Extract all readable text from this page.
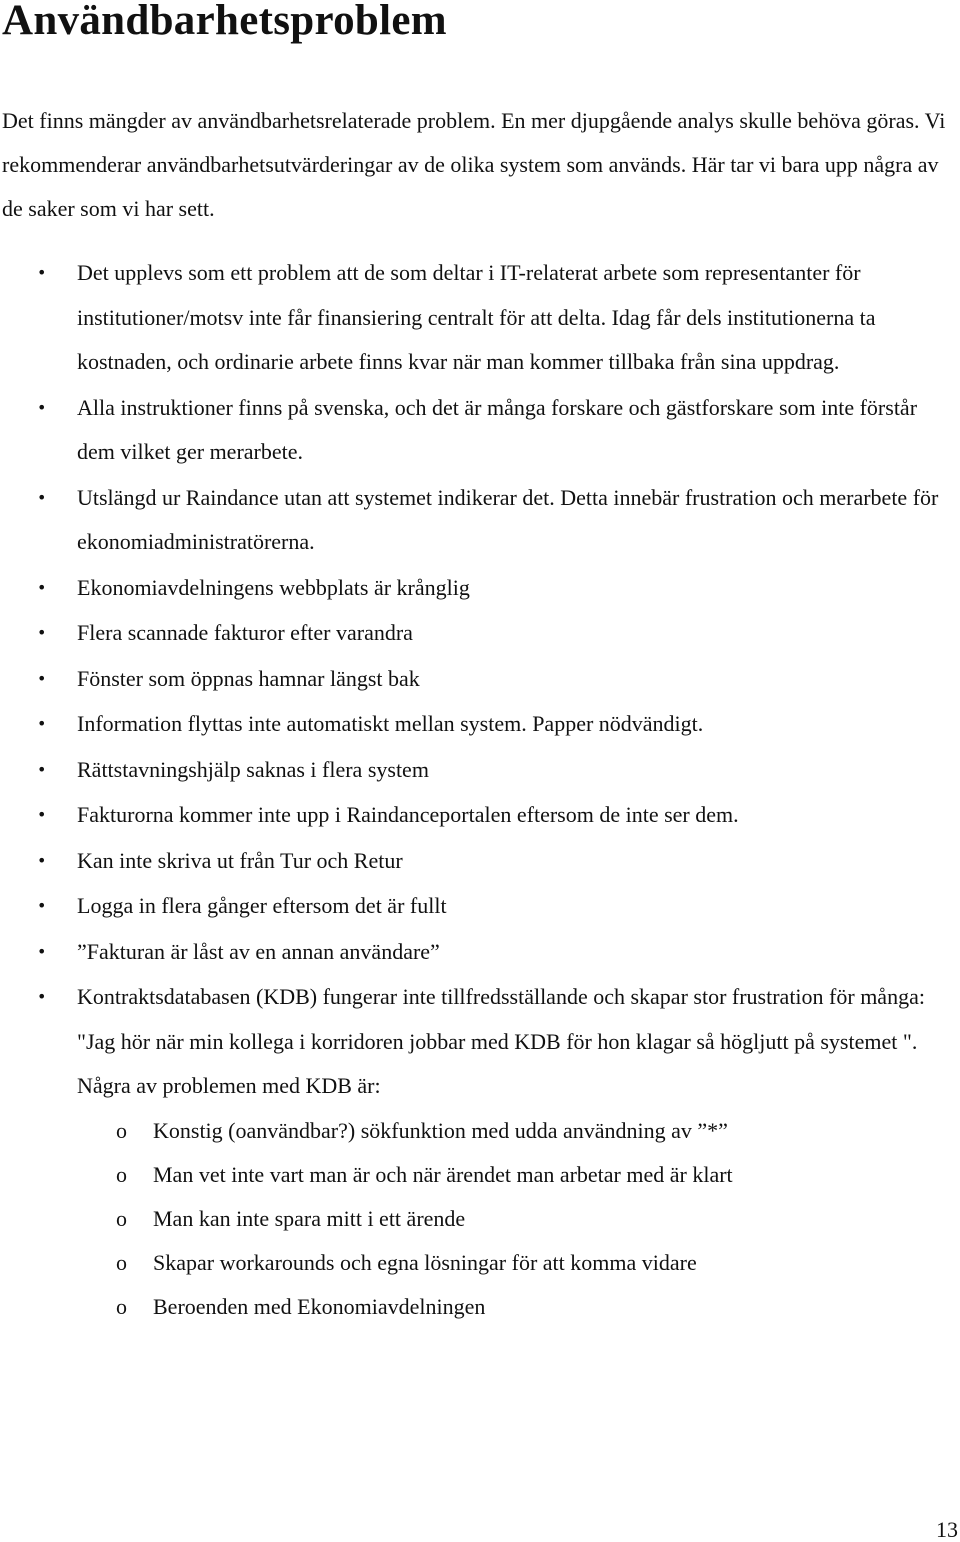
Användbarhetsproblem

Det finns mängder av användbarhetsrelaterade problem. En mer djupgående analys skulle behöva göras. Vi rekommenderar användbarhetsutvärderingar av de olika system som används. Här tar vi bara upp några av de saker som vi har sett.

• Det upplevs som ett problem att de som deltar i IT-relaterat arbete som representanter för institutioner/motsv inte får finansiering centralt för att delta. Idag får dels institutionerna ta kostnaden, och ordinarie arbete finns kvar när man kommer tillbaka från sina uppdrag.
• Alla instruktioner finns på svenska, och det är många forskare och gästforskare som inte förstår dem vilket ger merarbete.
• Utslängd ur Raindance utan att systemet indikerar det. Detta innebär frustration och merarbete för ekonomiadministratörerna.
• Ekonomiavdelningens webbplats är krånglig
• Flera scannade fakturor efter varandra
• Fönster som öppnas hamnar längst bak
• Information flyttas inte automatiskt mellan system. Papper nödvändigt.
• Rättstavningshjälp saknas i flera system
• Fakturorna kommer inte upp i Raindanceportalen eftersom de inte ser dem.
• Kan inte skriva ut från Tur och Retur
• Logga in flera gånger eftersom det är fullt
• ”Fakturan är låst av en annan användare”
• Kontraktsdatabasen (KDB) fungerar inte tillfredsställande och skapar stor frustration för många: "Jag hör när min kollega i korridoren jobbar med KDB för hon klagar så högljutt på systemet ". Några av problemen med KDB är:
o Konstig (oanvändbar?) sökfunktion med udda användning av ”*”
o Man vet inte vart man är och när ärendet man arbetar med är klart
o Man kan inte spara mitt i ett ärende
o Skapar workarounds och egna lösningar för att komma vidare
o Beroenden med Ekonomiavdelningen
13
